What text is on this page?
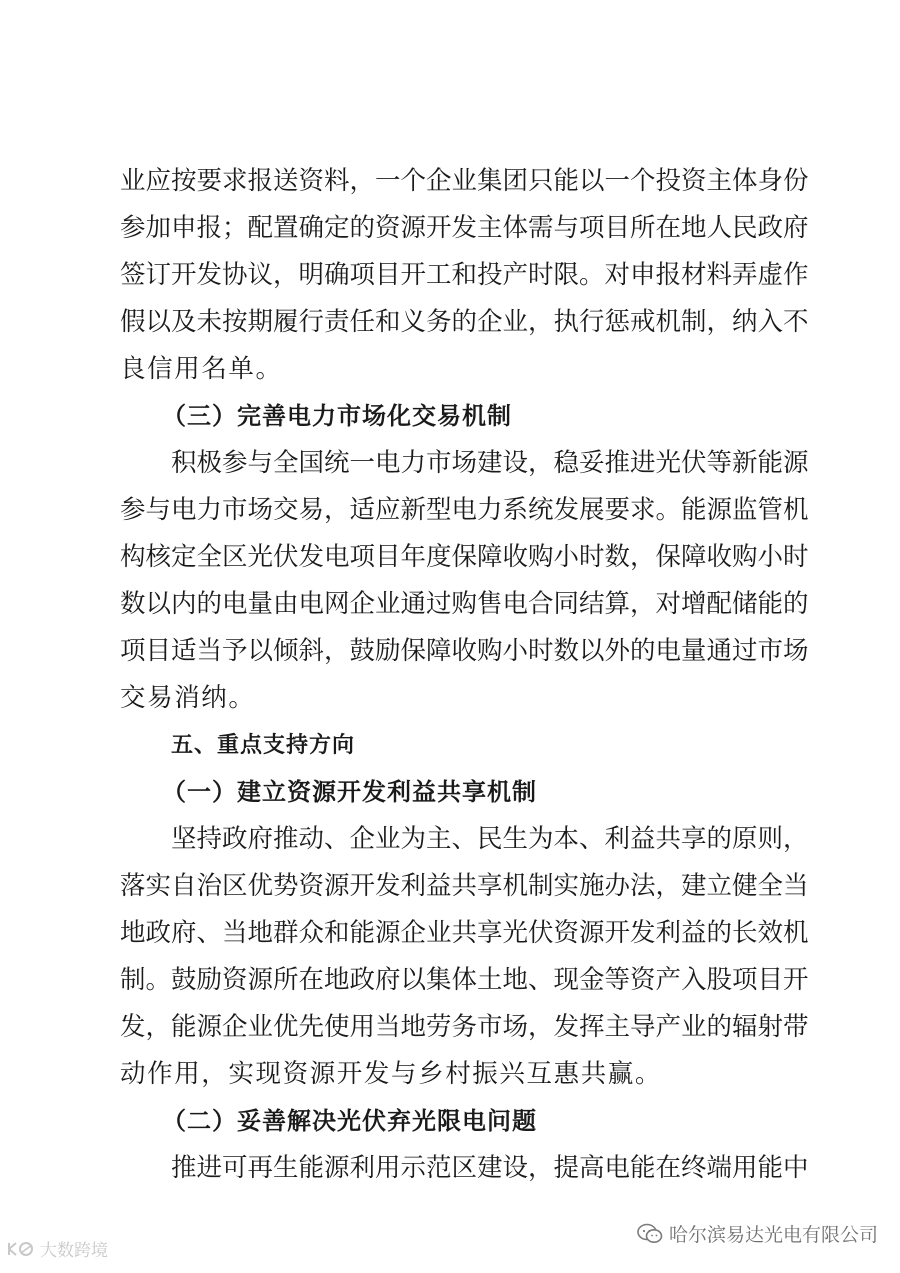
业应按要求报送资料，一个企业集团只能以一个投资主体身份
参加申报；配置确定的资源开发主体需与项目所在地人民政府
签订开发协议，明确项目开工和投产时限。对申报材料弄虚作
假以及未按期履行责任和义务的企业，执行惩戒机制，纳入不
良信用名单。
（三）完善电力市场化交易机制
积极参与全国统一电力市场建设，稳妥推进光伏等新能源
参与电力市场交易，适应新型电力系统发展要求。能源监管机
构核定全区光伏发电项目年度保障收购小时数，保障收购小时
数以内的电量由电网企业通过购售电合同结算，对增配储能的
项目适当予以倾斜，鼓励保障收购小时数以外的电量通过市场
交易消纳。
五、重点支持方向
（一）建立资源开发利益共享机制
坚持政府推动、企业为主、民生为本、利益共享的原则，
落实自治区优势资源开发利益共享机制实施办法，建立健全当
地政府、当地群众和能源企业共享光伏资源开发利益的长效机
制。鼓励资源所在地政府以集体土地、现金等资产入股项目开
发，能源企业优先使用当地劳务市场，发挥主导产业的辐射带
动作用，实现资源开发与乡村振兴互惠共赢。
（二）妥善解决光伏弃光限电问题
推进可再生能源利用示范区建设，提高电能在终端用能中
哈尔滨易达光电有限公司
大数跨境
